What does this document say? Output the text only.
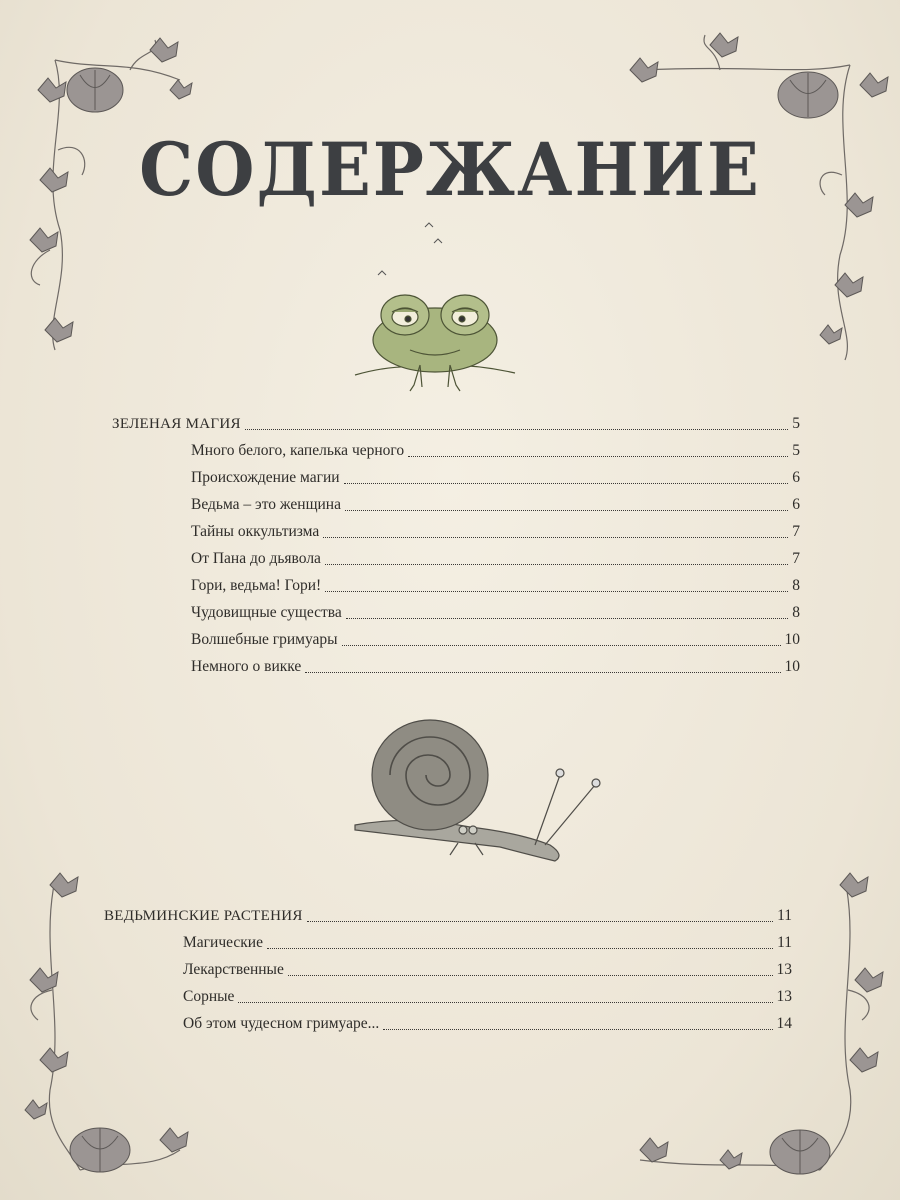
СОДЕРЖАНИЕ
ЗЕЛЕНАЯ МАГИЯ	5
Много белого, капелька черного	5
Происхождение магии	6
Ведьма – это женщина	6
Тайны оккультизма	7
От Пана до дьявола	7
Гори, ведьма! Гори!	8
Чудовищные существа	8
Волшебные гримуары	10
Немного о викке	10
ВЕДЬМИНСКИЕ РАСТЕНИЯ	11
Магические	11
Лекарственные	13
Сорные	13
Об этом чудесном гримуаре...	14
